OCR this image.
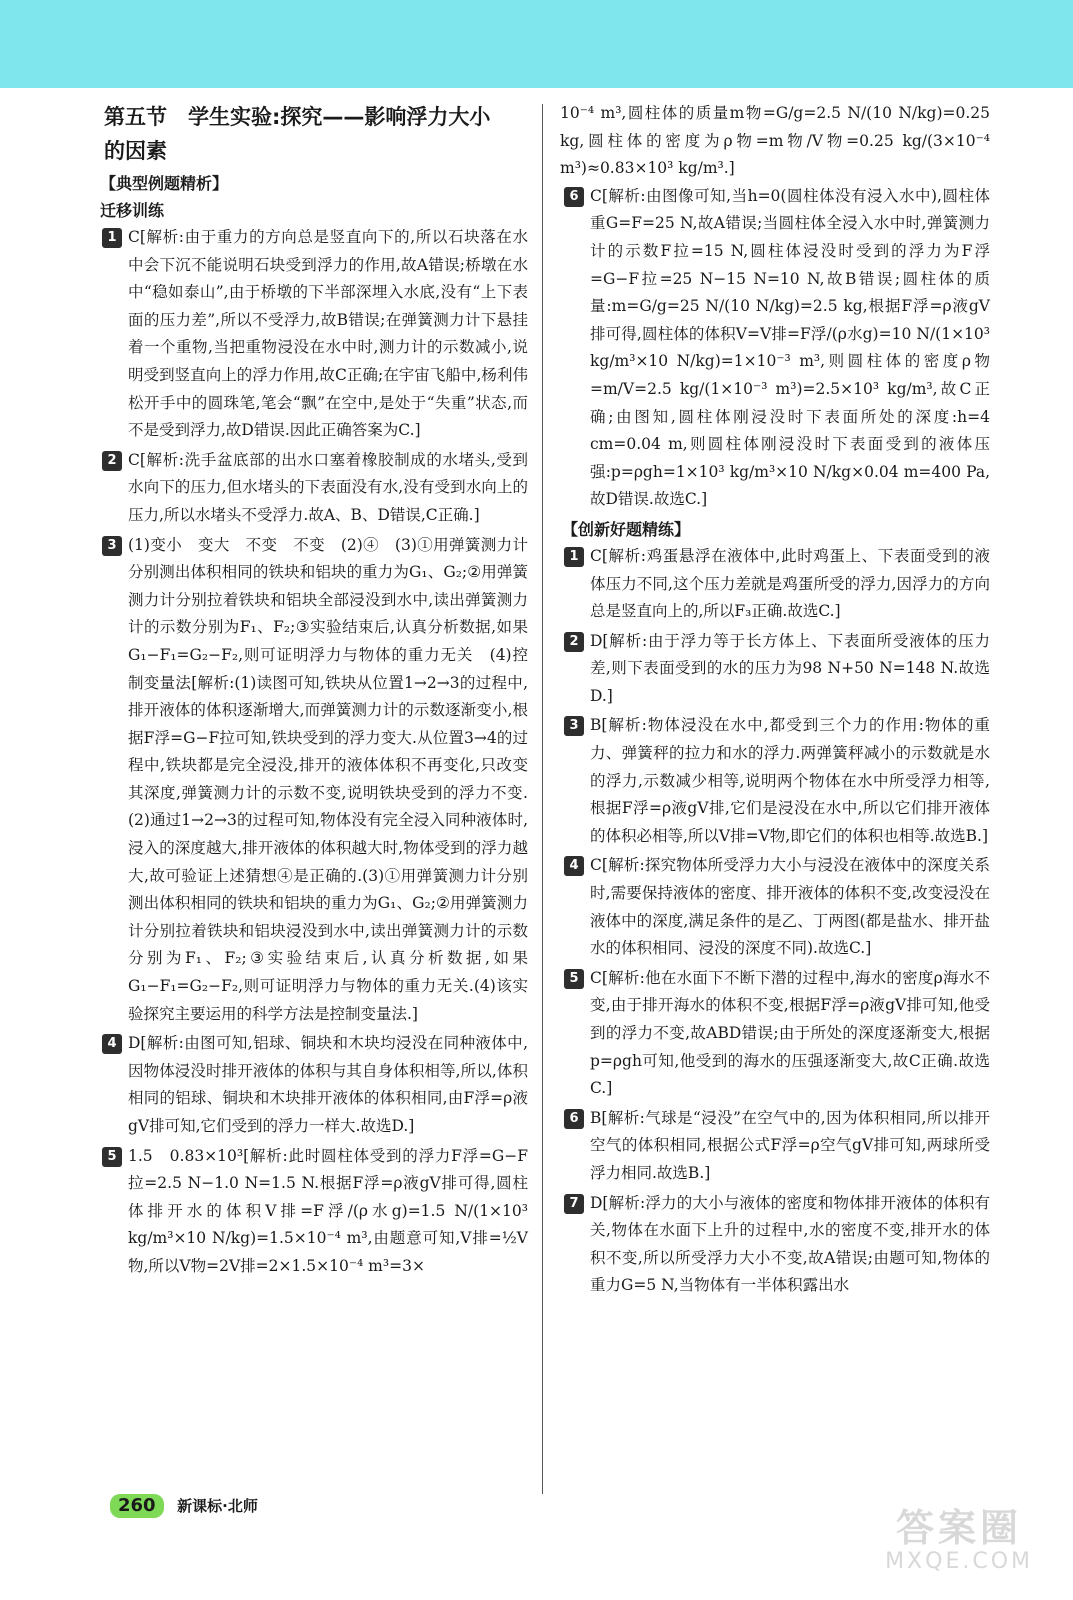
第五节　学生实验:探究——影响浮力大小
的因素
【典型例题精析】
迁移训练
1 C[解析:由于重力的方向总是竖直向下的,所以石块落在水中会下沉不能说明石块受到浮力的作用,故A错误;桥墩在水中“稳如泰山”,由于桥墩的下半部深埋入水底,没有“上下表面的压力差”,所以不受浮力,故B错误;在弹簧测力计下悬挂着一个重物,当把重物浸没在水中时,测力计的示数减小,说明受到竖直向上的浮力作用,故C正确;在宇宙飞船中,杨利伟松开手中的圆珠笔,笔会“飘”在空中,是处于“失重”状态,而不是受到浮力,故D错误.因此正确答案为C.]
2 C[解析:洗手盆底部的出水口塞着橡胶制成的水堵头,受到水向下的压力,但水堵头的下表面没有水,没有受到水向上的压力,所以水堵头不受浮力.故A、B、D错误,C正确.]
3 (1)变小　变大　不变　不变　(2)④　(3)①用弹簧测力计分别测出体积相同的铁块和铝块的重力为G₁、G₂;②用弹簧测力计分别拉着铁块和铝块全部浸没到水中,读出弹簧测力计的示数分别为F₁、F₂;③实验结束后,认真分析数据,如果G₁−F₁=G₂−F₂,则可证明浮力与物体的重力无关　(4)控制变量法[解析:(1)读图可知,铁块从位置1→2→3的过程中,排开液体的体积逐渐增大,而弹簧测力计的示数逐渐变小,根据F浮=G−F拉可知,铁块受到的浮力变大.从位置3→4的过程中,铁块都是完全浸没,排开的液体体积不再变化,只改变其深度,弹簧测力计的示数不变,说明铁块受到的浮力不变.(2)通过1→2→3的过程可知,物体没有完全浸入同种液体时,浸入的深度越大,排开液体的体积越大时,物体受到的浮力越大,故可验证上述猜想④是正确的.(3)①用弹簧测力计分别测出体积相同的铁块和铝块的重力为G₁、G₂;②用弹簧测力计分别拉着铁块和铝块浸没到水中,读出弹簧测力计的示数分别为F₁、F₂;③实验结束后,认真分析数据,如果G₁−F₁=G₂−F₂,则可证明浮力与物体的重力无关.(4)该实验探究主要运用的科学方法是控制变量法.]
4 D[解析:由图可知,铝球、铜块和木块均浸没在同种液体中,因物体浸没时排开液体的体积与其自身体积相等,所以,体积相同的铝球、铜块和木块排开液体的体积相同,由F浮=ρ液gV排可知,它们受到的浮力一样大.故选D.]
5 1.5　0.83×10³[解析:此时圆柱体受到的浮力F浮=G−F拉=2.5 N−1.0 N=1.5 N.根据F浮=ρ液gV排可得,圆柱体排开水的体积V排=F浮/(ρ水g)=1.5 N/(1×10³ kg/m³×10 N/kg)=1.5×10⁻⁴ m³,由题意可知,V排=½V物,所以V物=2V排=2×1.5×10⁻⁴ m³=3×
10⁻⁴ m³,圆柱体的质量m物=G/g=2.5 N/(10 N/kg)=0.25 kg,圆柱体的密度为ρ物=m物/V物=0.25 kg/(3×10⁻⁴ m³)≈0.83×10³ kg/m³.]
6 C[解析:由图像可知,当h=0(圆柱体没有浸入水中),圆柱体重G=F=25 N,故A错误;当圆柱体全浸入水中时,弹簧测力计的示数F拉=15 N,圆柱体浸没时受到的浮力为F浮=G−F拉=25 N−15 N=10 N,故B错误;圆柱体的质量:m=G/g=25 N/(10 N/kg)=2.5 kg,根据F浮=ρ液gV排可得,圆柱体的体积V=V排=F浮/(ρ水g)=10 N/(1×10³ kg/m³×10 N/kg)=1×10⁻³ m³,则圆柱体的密度ρ物=m/V=2.5 kg/(1×10⁻³ m³)=2.5×10³ kg/m³,故C正确;由图知,圆柱体刚浸没时下表面所处的深度:h=4 cm=0.04 m,则圆柱体刚浸没时下表面受到的液体压强:p=ρgh=1×10³ kg/m³×10 N/kg×0.04 m=400 Pa,故D错误.故选C.]
【创新好题精练】
1 C[解析:鸡蛋悬浮在液体中,此时鸡蛋上、下表面受到的液体压力不同,这个压力差就是鸡蛋所受的浮力,因浮力的方向总是竖直向上的,所以F₃正确.故选C.]
2 D[解析:由于浮力等于长方体上、下表面所受液体的压力差,则下表面受到的水的压力为98 N+50 N=148 N.故选D.]
3 B[解析:物体浸没在水中,都受到三个力的作用:物体的重力、弹簧秤的拉力和水的浮力.两弹簧秤减小的示数就是水的浮力,示数减少相等,说明两个物体在水中所受浮力相等,根据F浮=ρ液gV排,它们是浸没在水中,所以它们排开液体的体积必相等,所以V排=V物,即它们的体积也相等.故选B.]
4 C[解析:探究物体所受浮力大小与浸没在液体中的深度关系时,需要保持液体的密度、排开液体的体积不变,改变浸没在液体中的深度,满足条件的是乙、丁两图(都是盐水、排开盐水的体积相同、浸没的深度不同).故选C.]
5 C[解析:他在水面下不断下潜的过程中,海水的密度ρ海水不变,由于排开海水的体积不变,根据F浮=ρ液gV排可知,他受到的浮力不变,故ABD错误;由于所处的深度逐渐变大,根据p=ρgh可知,他受到的海水的压强逐渐变大,故C正确.故选C.]
6 B[解析:气球是“浸没”在空气中的,因为体积相同,所以排开空气的体积相同,根据公式F浮=ρ空气gV排可知,两球所受浮力相同.故选B.]
7 D[解析:浮力的大小与液体的密度和物体排开液体的体积有关,物体在水面下上升的过程中,水的密度不变,排开水的体积不变,所以所受浮力大小不变,故A错误;由题可知,物体的重力G=5 N,当物体有一半体积露出水
260 新课标·北师	答案圈
MXQE.COM
